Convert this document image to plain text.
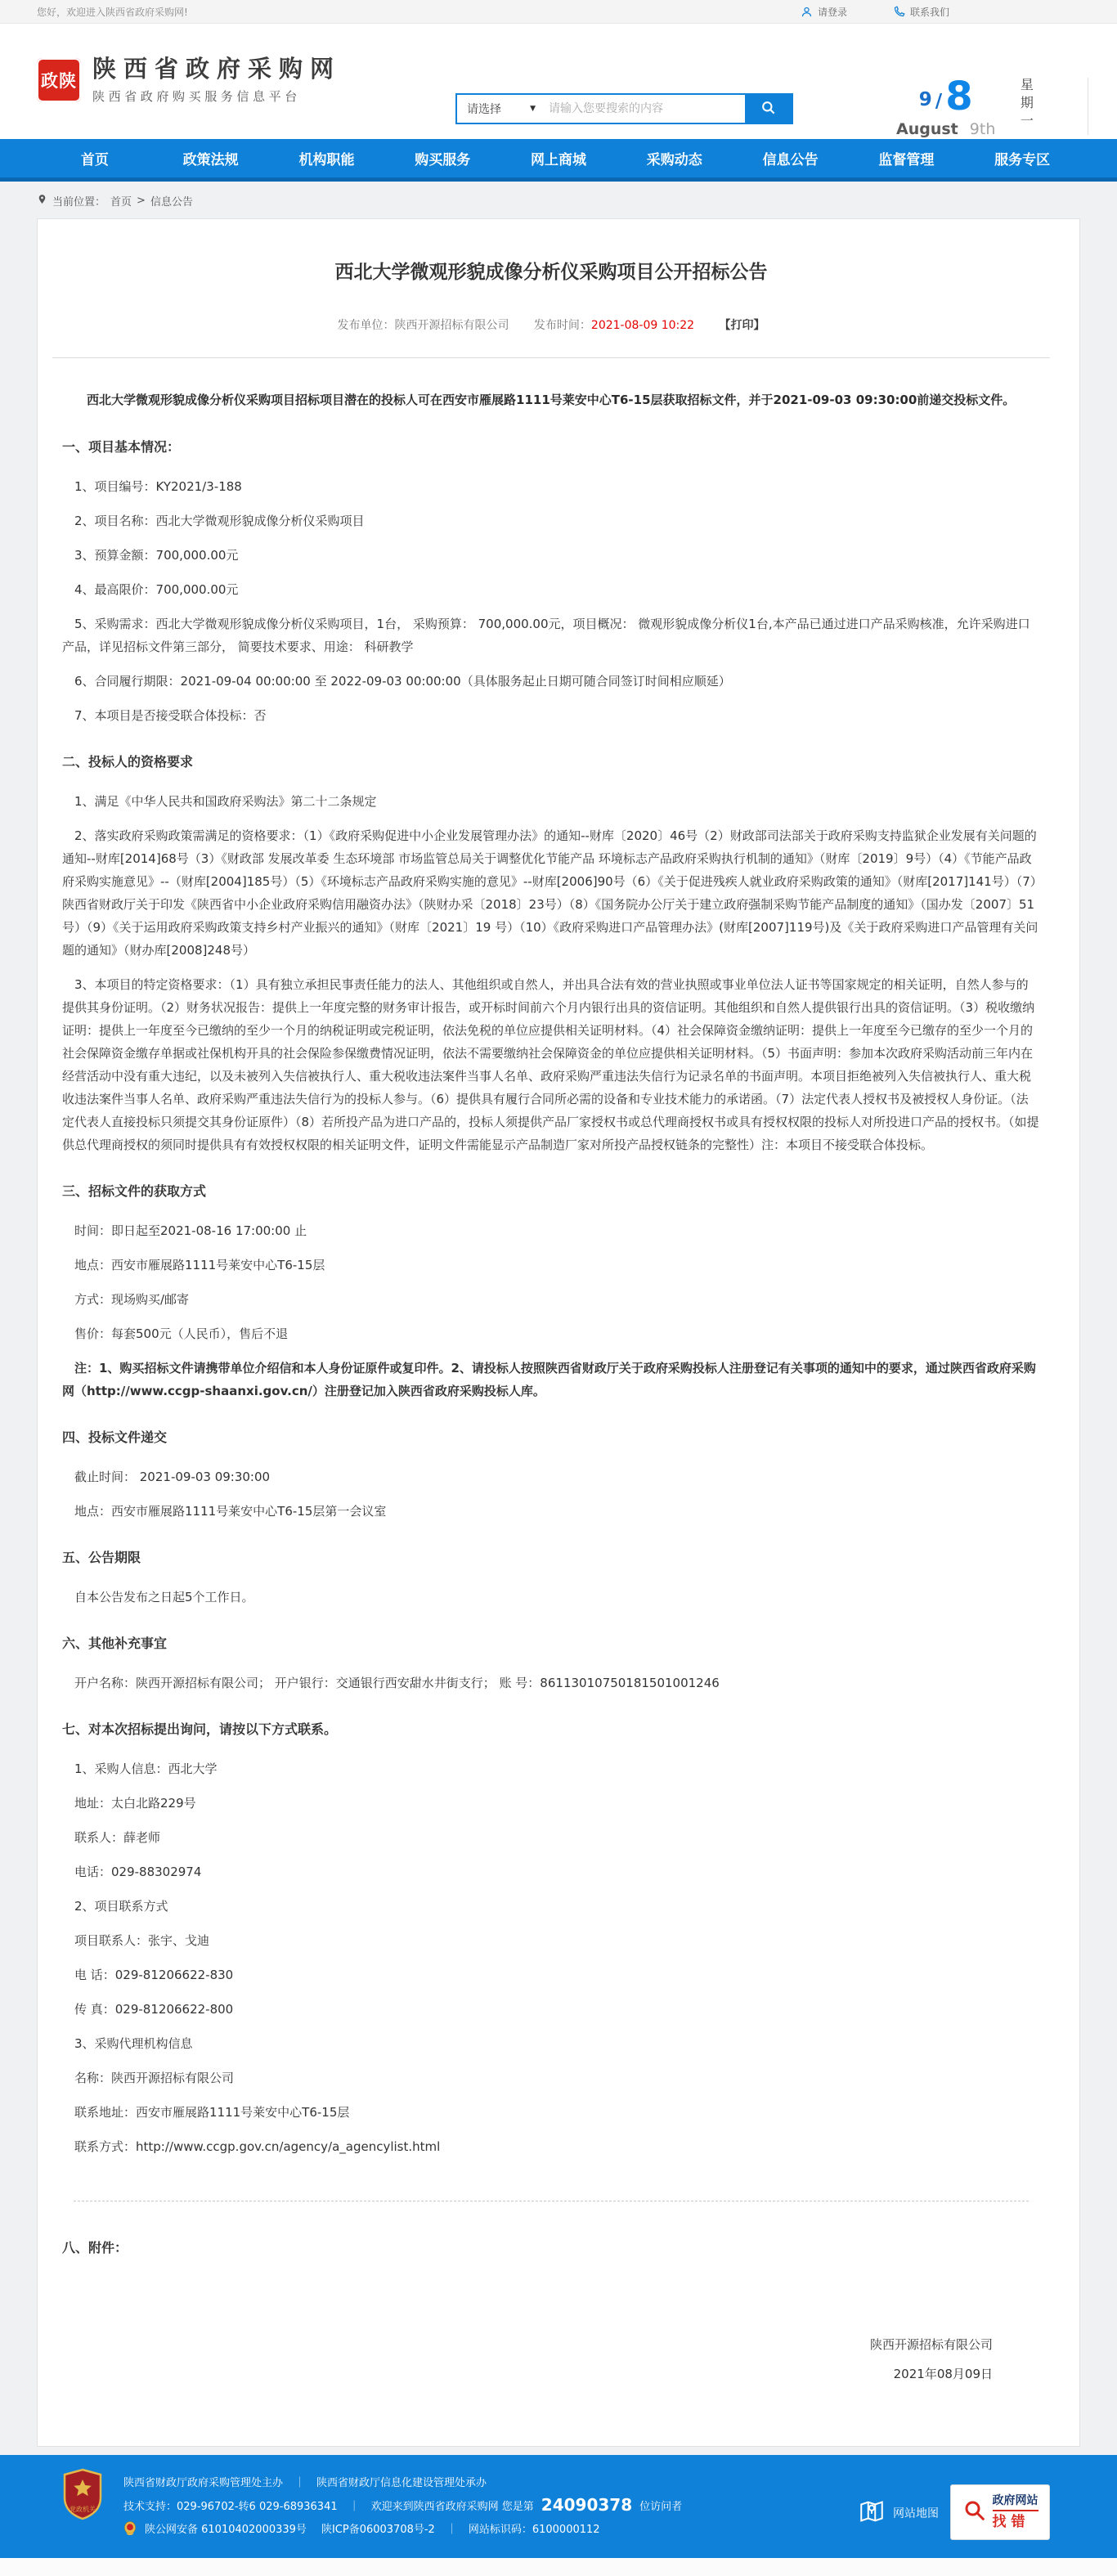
您好，欢迎进入陕西省政府采购网!	请登录	联系我们
政陕 陕西省政府采购网
陕西省政府购买服务信息平台
请选择	▼
请输入您要搜索的内容	9 / 8
August 9th 星期一
首页	政策法规	机构职能	购买服务	网上商城	采购动态	信息公告	监督管理	服务专区
当前位置： 首页 > 信息公告
西北大学微观形貌成像分析仪采购项目公开招标公告
发布单位：陕西开源招标有限公司 发布时间：2021-08-09 10:22 【打印】

西北大学微观形貌成像分析仪采购项目招标项目潜在的投标人可在西安市雁展路1111号莱安中心T6-15层获取招标文件，并于2021-09-03 09:30:00前递交投标文件。

一、项目基本情况：

1、项目编号：KY2021/3-188

2、项目名称：西北大学微观形貌成像分析仪采购项目

3、预算金额：700,000.00元

4、最高限价：700,000.00元

5、采购需求：西北大学微观形貌成像分析仪采购项目，1台， 采购预算： 700,000.00元，项目概况： 微观形貌成像分析仪1台,本产品已通过进口产品采购核准，允许采购进口产品，详见招标文件第三部分， 简要技术要求、用途： 科研教学

6、合同履行期限：2021-09-04 00:00:00 至 2022-09-03 00:00:00（具体服务起止日期可随合同签订时间相应顺延）

7、本项目是否接受联合体投标：否

二、投标人的资格要求

1、满足《中华人民共和国政府采购法》第二十二条规定

2、落实政府采购政策需满足的资格要求：（1）《政府采购促进中小企业发展管理办法》的通知--财库〔2020〕46号（2）财政部司法部关于政府采购支持监狱企业发展有关问题的通知--财库[2014]68号（3）《财政部 发展改革委 生态环境部 市场监管总局关于调整优化节能产品 环境标志产品政府采购执行机制的通知》（财库〔2019〕9号）（4）《节能产品政府采购实施意见》--（财库[2004]185号）（5）《环境标志产品政府采购实施的意见》--财库[2006]90号（6）《关于促进残疾人就业政府采购政策的通知》（财库[2017]141号）（7）陕西省财政厅关于印发《陕西省中小企业政府采购信用融资办法》（陕财办采〔2018〕23号）（8）《国务院办公厅关于建立政府强制采购节能产品制度的通知》（国办发〔2007〕51号）（9）《关于运用政府采购政策支持乡村产业振兴的通知》（财库〔2021〕19 号）（10）《政府采购进口产品管理办法》(财库[2007]119号)及《关于政府采购进口产品管理有关问题的通知》（财办库[2008]248号）

3、本项目的特定资格要求：（1）具有独立承担民事责任能力的法人、其他组织或自然人，并出具合法有效的营业执照或事业单位法人证书等国家规定的相关证明，自然人参与的提供其身份证明。（2）财务状况报告：提供上一年度完整的财务审计报告，或开标时间前六个月内银行出具的资信证明。其他组织和自然人提供银行出具的资信证明。（3）税收缴纳证明：提供上一年度至今已缴纳的至少一个月的纳税证明或完税证明，依法免税的单位应提供相关证明材料。（4）社会保障资金缴纳证明：提供上一年度至今已缴存的至少一个月的社会保障资金缴存单据或社保机构开具的社会保险参保缴费情况证明，依法不需要缴纳社会保障资金的单位应提供相关证明材料。（5）书面声明：参加本次政府采购活动前三年内在经营活动中没有重大违纪，以及未被列入失信被执行人、重大税收违法案件当事人名单、政府采购严重违法失信行为记录名单的书面声明。本项目拒绝被列入失信被执行人、重大税收违法案件当事人名单、政府采购严重违法失信行为的投标人参与。（6）提供具有履行合同所必需的设备和专业技术能力的承诺函。（7）法定代表人授权书及被授权人身份证。（法定代表人直接投标只须提交其身份证原件）（8）若所投产品为进口产品的，投标人须提供产品厂家授权书或总代理商授权书或具有授权权限的投标人对所投进口产品的授权书。（如提供总代理商授权的须同时提供具有有效授权权限的相关证明文件，证明文件需能显示产品制造厂家对所投产品授权链条的完整性）注：本项目不接受联合体投标。

三、招标文件的获取方式

时间：即日起至2021-08-16 17:00:00 止

地点：西安市雁展路1111号莱安中心T6-15层

方式：现场购买/邮寄

售价：每套500元（人民币），售后不退

注：1、购买招标文件请携带单位介绍信和本人身份证原件或复印件。2、请投标人按照陕西省财政厅关于政府采购投标人注册登记有关事项的通知中的要求，通过陕西省政府采购网（http://www.ccgp-shaanxi.gov.cn/）注册登记加入陕西省政府采购投标人库。

四、投标文件递交

截止时间： 2021-09-03 09:30:00

地点：西安市雁展路1111号莱安中心T6-15层第一会议室

五、公告期限

自本公告发布之日起5个工作日。

六、其他补充事宜

开户名称：陕西开源招标有限公司； 开户银行：交通银行西安甜水井街支行； 账 号：86113010750181501001246

七、对本次招标提出询问，请按以下方式联系。

1、采购人信息：西北大学

地址：太白北路229号

联系人：薛老师

电话：029-88302974

2、项目联系方式

项目联系人：张宇、戈迪

电 话：029-81206622-830

传 真：029-81206622-800

3、采购代理机构信息

名称：陕西开源招标有限公司

联系地址：西安市雁展路1111号莱安中心T6-15层

联系方式：http://www.ccgp.gov.cn/agency/a_agencylist.html

八、附件：
陕西开源招标有限公司
2021年08月09日
党政机关
陕西省财政厅政府采购管理处主办 ｜ 陕西省财政厅信息化建设管理处承办
技术支持：029-96702-转6 029-68936341 ｜ 欢迎来到陕西省政府采购网 您是第 24090378 位访问者
陕公网安备 61010402000339号 陕ICP备06003708号-2 ｜ 网站标识码：6100000112
网站地图
政府网站
找错
